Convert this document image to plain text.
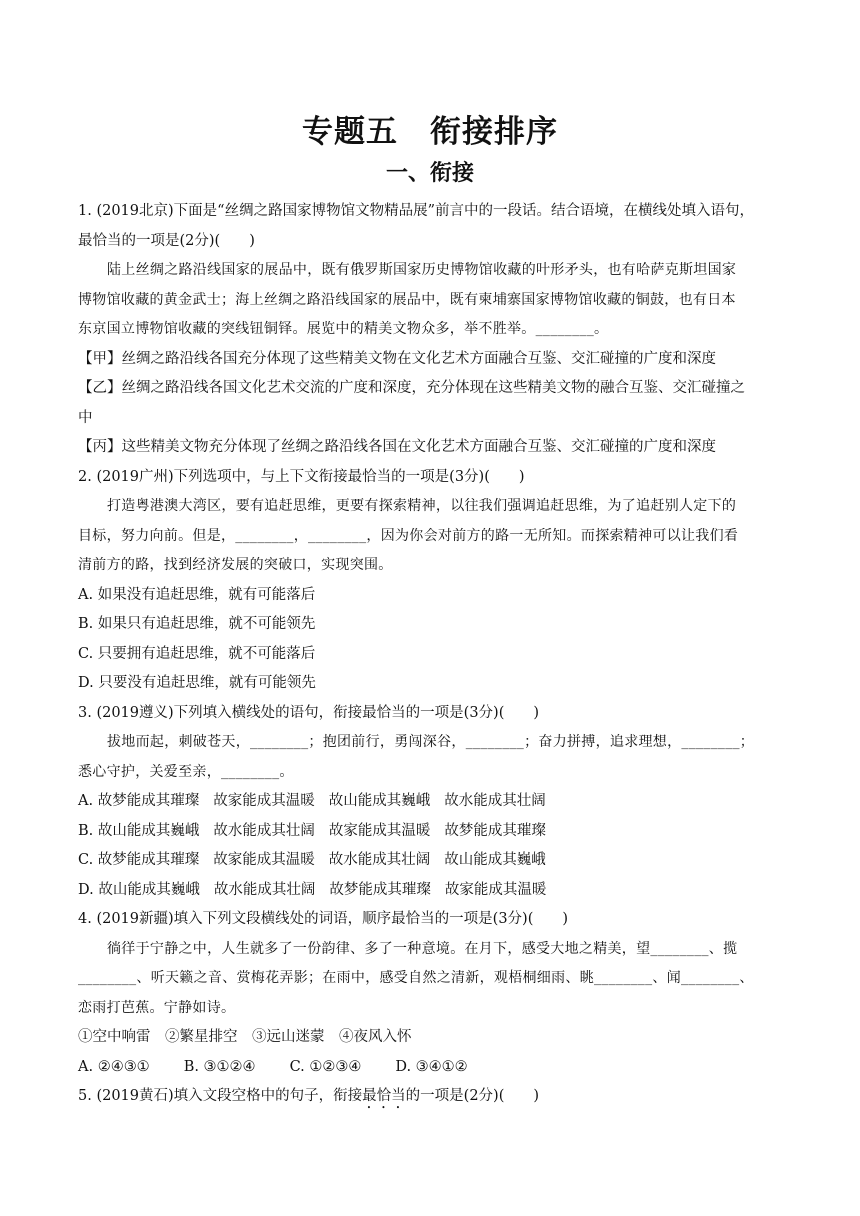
专题五　衔接排序
一、衔接

1. (2019北京)下面是“丝绸之路国家博物馆文物精品展”前言中的一段话。结合语境，在横线处填入语句，

最恰当的一项是(2分)(　　)

陆上丝绸之路沿线国家的展品中，既有俄罗斯国家历史博物馆收藏的叶形矛头，也有哈萨克斯坦国家

博物馆收藏的黄金武士；海上丝绸之路沿线国家的展品中，既有柬埔寨国家博物馆收藏的铜鼓，也有日本

东京国立博物馆收藏的突线钮铜铎。展览中的精美文物众多，举不胜举。________。

【甲】丝绸之路沿线各国充分体现了这些精美文物在文化艺术方面融合互鉴、交汇碰撞的广度和深度

【乙】丝绸之路沿线各国文化艺术交流的广度和深度，充分体现在这些精美文物的融合互鉴、交汇碰撞之

中

【丙】这些精美文物充分体现了丝绸之路沿线各国在文化艺术方面融合互鉴、交汇碰撞的广度和深度

2. (2019广州)下列选项中，与上下文衔接最恰当的一项是(3分)(　　)

打造粤港澳大湾区，要有追赶思维，更要有探索精神，以往我们强调追赶思维，为了追赶别人定下的

目标，努力向前。但是，________，________，因为你会对前方的路一无所知。而探索精神可以让我们看

清前方的路，找到经济发展的突破口，实现突围。

A. 如果没有追赶思维，就有可能落后

B. 如果只有追赶思维，就不可能领先

C. 只要拥有追赶思维，就不可能落后

D. 只要没有追赶思维，就有可能领先

3. (2019遵义)下列填入横线处的语句，衔接最恰当的一项是(3分)(　　)

拔地而起，刺破苍天，________；抱团前行，勇闯深谷，________；奋力拼搏，追求理想，________；

悉心守护，关爱至亲，________。

A. 故梦能成其璀璨 故家能成其温暖 故山能成其巍峨 故水能成其壮阔

B. 故山能成其巍峨 故水能成其壮阔 故家能成其温暖 故梦能成其璀璨

C. 故梦能成其璀璨 故家能成其温暖 故水能成其壮阔 故山能成其巍峨

D. 故山能成其巍峨 故水能成其壮阔 故梦能成其璀璨 故家能成其温暖

4. (2019新疆)填入下列文段横线处的词语，顺序最恰当的一项是(3分)(　　)

徜徉于宁静之中，人生就多了一份韵律、多了一种意境。在月下，感受大地之精美，望________、揽

________、听天籁之音、赏梅花弄影；在雨中，感受自然之清新，观梧桐细雨、眺________、闻________、

恋雨打芭蕉。宁静如诗。

①空中响雷　②繁星排空　③远山迷蒙　④夜风入怀

A. ②④③① B. ③①②④ C. ①②③④ D. ③④①②

5. (2019黄石)填入文段空格中的句子，衔接最恰当的一项是(2分)(　　)
